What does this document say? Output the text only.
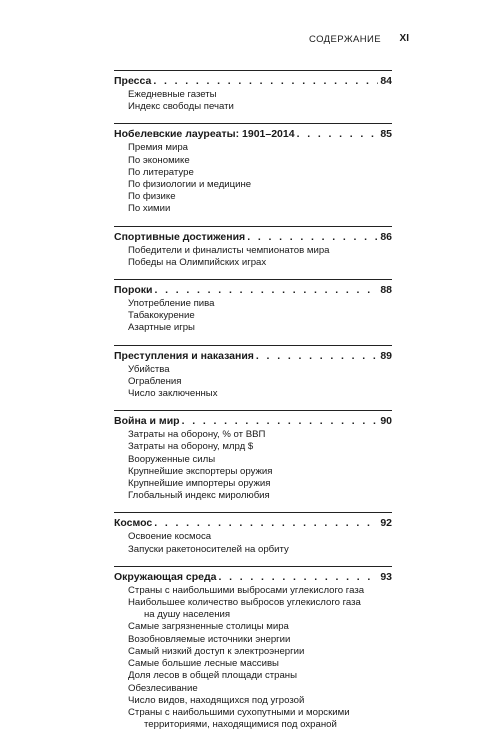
СОДЕРЖАНИЕ XI
Пресса . . .	84
Ежедневные газеты
Индекс свободы печати
Нобелевские лауреаты: 1901–2014 . . .	85
Премия мира
По экономике
По литературе
По физиологии и медицине
По физике
По химии
Спортивные достижения . . .	86
Победители и финалисты чемпионатов мира
Победы на Олимпийских играх
Пороки . . .	88
Употребление пива
Табакокурение
Азартные игры
Преступления и наказания . . .	89
Убийства
Ограбления
Число заключенных
Война и мир . . .	90
Затраты на оборону, % от ВВП
Затраты на оборону, млрд $
Вооруженные силы
Крупнейшие экспортеры оружия
Крупнейшие импортеры оружия
Глобальный индекс миролюбия
Космос . . .	92
Освоение космоса
Запуски ракетоносителей на орбиту
Окружающая среда . . .	93
Страны с наибольшими выбросами углекислого газа
Наибольшее количество выбросов углекислого газа
на душу населения
Самые загрязненные столицы мира
Возобновляемые источники энергии
Самый низкий доступ к электроэнергии
Самые большие лесные массивы
Доля лесов в общей площади страны
Обезлесивание
Число видов, находящихся под угрозой
Страны с наибольшими сухопутными и морскими
территориями, находящимися под охраной
